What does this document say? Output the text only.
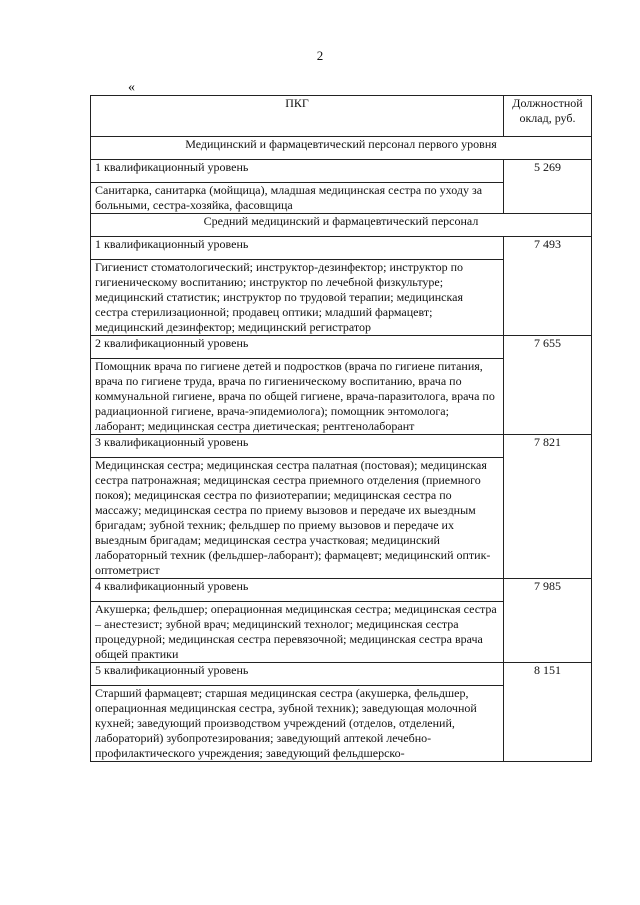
2
«
ПКГ	Должностной оклад, руб.
Медицинский и фармацевтический персонал первого уровня	
1 квалификационный уровень	5 269
Санитарка, санитарка (мойщица), младшая медицинская сестра по уходу за больными, сестра-хозяйка, фасовщица	
Средний медицинский и фармацевтический персонал	
1 квалификационный уровень	7 493
Гигиенист стоматологический; инструктор-дезинфектор; инструктор по гигиеническому воспитанию; инструктор по лечебной физкультуре; медицинский статистик; инструктор по трудовой терапии; медицинская сестра стерилизационной; продавец оптики; младший фармацевт; медицинский дезинфектор; медицинский регистратор	
2 квалификационный уровень	7 655
Помощник врача по гигиене детей и подростков (врача по гигиене питания, врача по гигиене труда, врача по гигиеническому воспитанию, врача по коммунальной гигиене, врача по общей гигиене, врача-паразитолога, врача по радиационной гигиене, врача-эпидемиолога); помощник энтомолога; лаборант; медицинская сестра диетическая; рентгенолаборант	
3 квалификационный уровень	7 821
Медицинская сестра; медицинская сестра палатная (постовая); медицинская сестра патронажная; медицинская сестра приемного отделения (приемного покоя); медицинская сестра по физиотерапии; медицинская сестра по массажу; медицинская сестра по приему вызовов и передаче их выездным бригадам; зубной техник; фельдшер по приему вызовов и передаче их выездным бригадам; медицинская сестра участковая; медицинский лабораторный техник (фельдшер-лаборант); фармацевт; медицинский оптик-оптометрист	
4 квалификационный уровень	7 985
Акушерка; фельдшер; операционная медицинская сестра; медицинская сестра – анестезист; зубной врач; медицинский технолог; медицинская сестра процедурной; медицинская сестра перевязочной; медицинская сестра врача общей практики	
5 квалификационный уровень	8 151
Старший фармацевт; старшая медицинская сестра (акушерка, фельдшер, операционная медицинская сестра, зубной техник); заведующая молочной кухней; заведующий производством учреждений (отделов, отделений, лабораторий) зубопротезирования; заведующий аптекой лечебно-профилактического учреждения; заведующий фельдшерско-	
